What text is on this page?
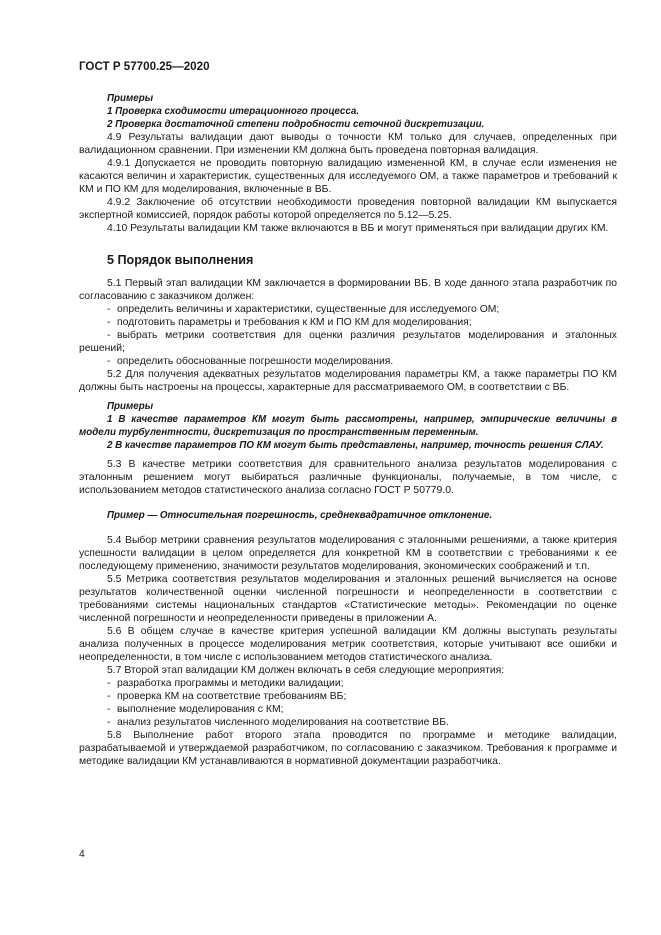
ГОСТ Р 57700.25—2020

Примеры

1 Проверка сходимости итерационного процесса.

2 Проверка достаточной степени подробности сеточной дискретизации.

4.9 Результаты валидации дают выводы о точности КМ только для случаев, определенных при валидационном сравнении. При изменении КМ должна быть проведена повторная валидация.

4.9.1 Допускается не проводить повторную валидацию измененной КМ, в случае если изменения не касаются величин и характеристик, существенных для исследуемого ОМ, а также параметров и требований к КМ и ПО КМ для моделирования, включенные в ВБ.

4.9.2 Заключение об отсутствии необходимости проведения повторной валидации КМ выпускается экспертной комиссией, порядок работы которой определяется по 5.12—5.25.

4.10 Результаты валидации КМ также включаются в ВБ и могут применяться при валидации других КМ.

5 Порядок выполнения

5.1 Первый этап валидации КМ заключается в формировании ВБ. В ходе данного этапа разработчик по согласованию с заказчиком должен:

- определить величины и характеристики, существенные для исследуемого ОМ;

- подготовить параметры и требования к КМ и ПО КМ для моделирования;

- выбрать метрики соответствия для оценки различия результатов моделирования и эталонных решений;

- определить обоснованные погрешности моделирования.

5.2 Для получения адекватных результатов моделирования параметры КМ, а также параметры ПО КМ должны быть настроены на процессы, характерные для рассматриваемого ОМ, в соответствии с ВБ.

Примеры

1 В качестве параметров КМ могут быть рассмотрены, например, эмпирические величины в модели турбулентности, дискретизация по пространственным переменным.

2 В качестве параметров ПО КМ могут быть представлены, например, точность решения СЛАУ.

5.3 В качестве метрики соответствия для сравнительного анализа результатов моделирования с эталонным решением могут выбираться различные функционалы, получаемые, в том числе, с использованием методов статистического анализа согласно ГОСТ Р 50779.0.

Пример — Относительная погрешность, среднеквадратичное отклонение.

5.4 Выбор метрики сравнения результатов моделирования с эталонными решениями, а также критерия успешности валидации в целом определяется для конкретной КМ в соответствии с требованиями к ее последующему применению, значимости результатов моделирования, экономических соображений и т.п.

5.5 Метрика соответствия результатов моделирования и эталонных решений вычисляется на основе результатов количественной оценки численной погрешности и неопределенности в соответствии с требованиями системы национальных стандартов «Статистические методы». Рекомендации по оценке численной погрешности и неопределенности приведены в приложении А.

5.6 В общем случае в качестве критерия успешной валидации КМ должны выступать результаты анализа полученных в процессе моделирования метрик соответствия, которые учитывают все ошибки и неопределенности, в том числе с использованием методов статистического анализа.

5.7 Второй этап валидации КМ должен включать в себя следующие мероприятия:

- разработка программы и методики валидации;

- проверка КМ на соответствие требованиям ВБ;

- выполнение моделирования с КМ;

- анализ результатов численного моделирования на соответствие ВБ.

5.8 Выполнение работ второго этапа проводится по программе и методике валидации, разрабатываемой и утверждаемой разработчиком, по согласованию с заказчиком. Требования к программе и методике валидации КМ устанавливаются в нормативной документации разработчика.

4
